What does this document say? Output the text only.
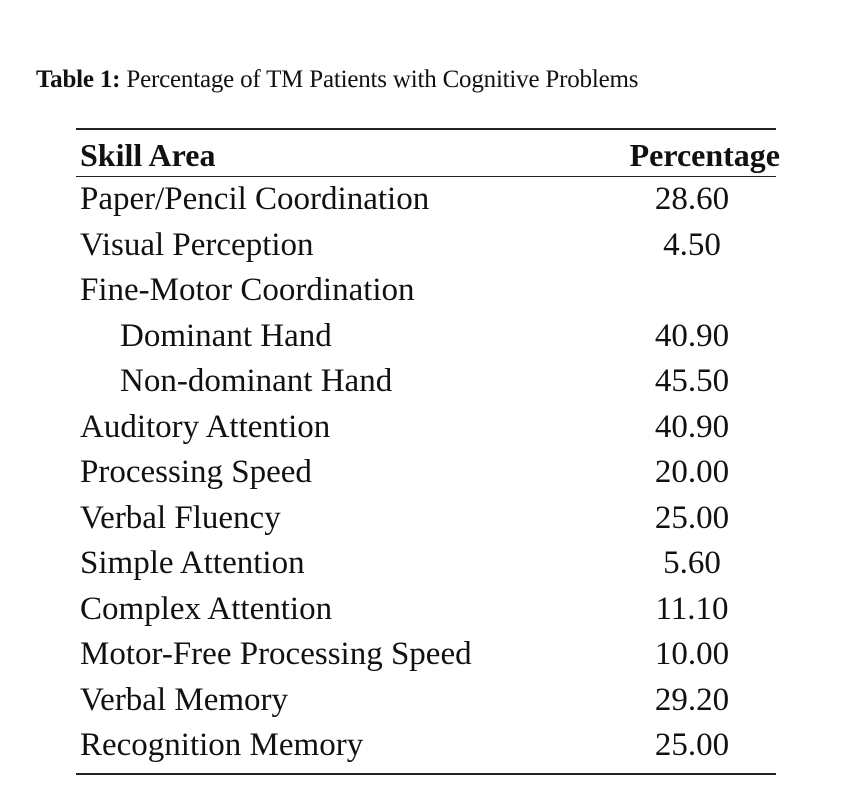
Table 1: Percentage of TM Patients with Cognitive Problems
Skill Area	Percentage
Paper/Pencil Coordination	28.60
Visual Perception	4.50
Fine-Motor Coordination
Dominant Hand	40.90
Non-dominant Hand	45.50
Auditory Attention	40.90
Processing Speed	20.00
Verbal Fluency	25.00
Simple Attention	5.60
Complex Attention	11.10
Motor-Free Processing Speed	10.00
Verbal Memory	29.20
Recognition Memory	25.00
